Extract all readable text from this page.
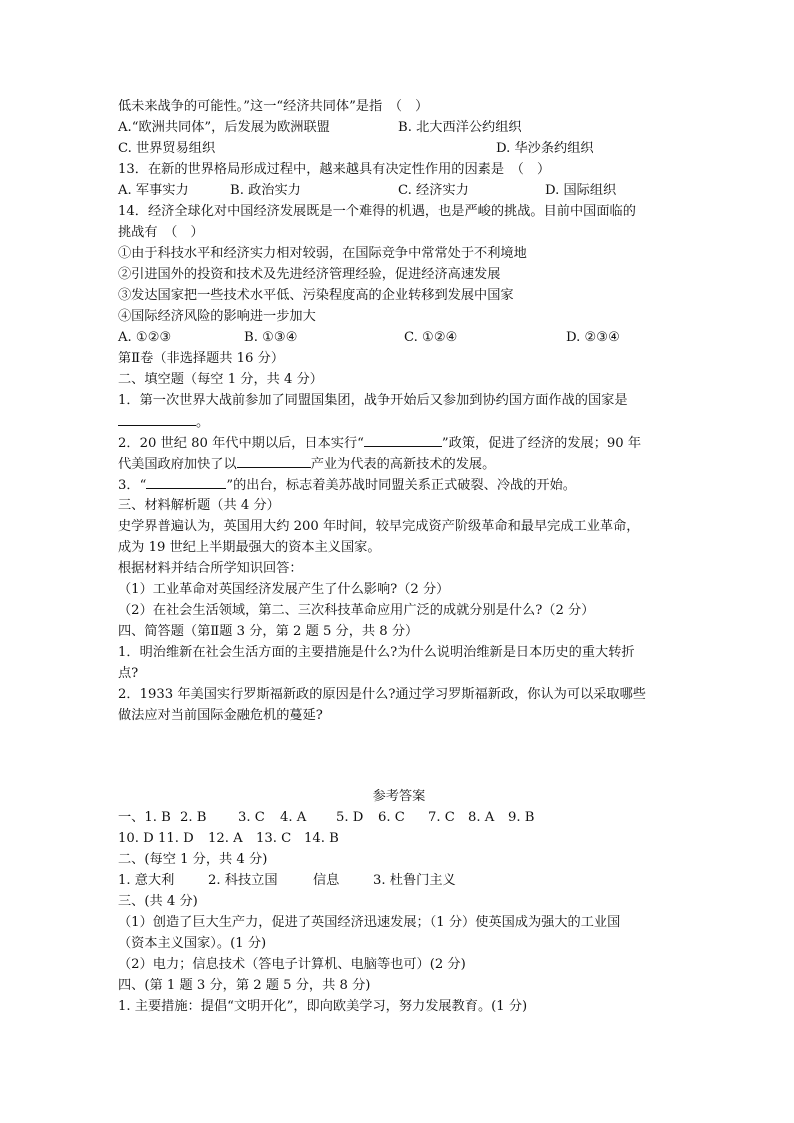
低未来战争的可能性。”这一“经济共同体”是指　（　）
A.“欧洲共同体”，后发展为欧洲联盟	B. 北大西洋公约组织
C. 世界贸易组织	D. 华沙条约组织
13．在新的世界格局形成过程中，越来越具有决定性作用的因素是　（　）
A. 军事实力	B. 政治实力	C. 经济实力	D. 国际组织
14．经济全球化对中国经济发展既是一个难得的机遇，也是严峻的挑战。目前中国面临的
挑战有　（　）
①由于科技水平和经济实力相对较弱，在国际竞争中常常处于不利境地
②引进国外的投资和技术及先进经济管理经验，促进经济高速发展
③发达国家把一些技术水平低、污染程度高的企业转移到发展中国家
④国际经济风险的影响进一步加大
A. ①②③	B. ①③④	C. ①②④	D. ②③④
第Ⅱ卷（非选择题共 16 分）
二、填空题（每空 1 分，共 4 分）
1．第一次世界大战前参加了同盟国集团，战争开始后又参加到协约国方面作战的国家是
。
2．20 世纪 80 年代中期以后，日本实行“	”政策，促进了经济的发展；90 年
代美国政府加快了以	产业为代表的高新技术的发展。
3．“	”的出台，标志着美苏战时同盟关系正式破裂、冷战的开始。
三、材料解析题（共 4 分）
史学界普遍认为，英国用大约 200 年时间，较早完成资产阶级革命和最早完成工业革命，
成为 19 世纪上半期最强大的资本主义国家。
根据材料并结合所学知识回答：
（1）工业革命对英国经济发展产生了什么影响?（2 分）
（2）在社会生活领域，第二、三次科技革命应用广泛的成就分别是什么?（2 分）
四、简答题（第Ⅱ题 3 分，第 2 题 5 分，共 8 分）
1．明治维新在社会生活方面的主要措施是什么?为什么说明治维新是日本历史的重大转折
点?
2．1933 年美国实行罗斯福新政的原因是什么?通过学习罗斯福新政，你认为可以采取哪些
做法应对当前国际金融危机的蔓延?
参考答案
一、1. B 2. B	3. C	4. A	5. D	6. C	7. C 8. A	9. B
10. D 11. D	12. A	13. C 14. B
二、(每空 1 分，共 4 分)
1. 意大利	2. 科技立国	信息	3. 杜鲁门主义
三、(共 4 分)
（1）创造了巨大生产力，促进了英国经济迅速发展；（1 分）使英国成为强大的工业国
（资本主义国家）。(1 分)
（2）电力；信息技术（答电子计算机、电脑等也可）(2 分)
四、(第 1 题 3 分，第 2 题 5 分，共 8 分)
1. 主要措施：提倡“文明开化”，即向欧美学习，努力发展教育。(1 分)
